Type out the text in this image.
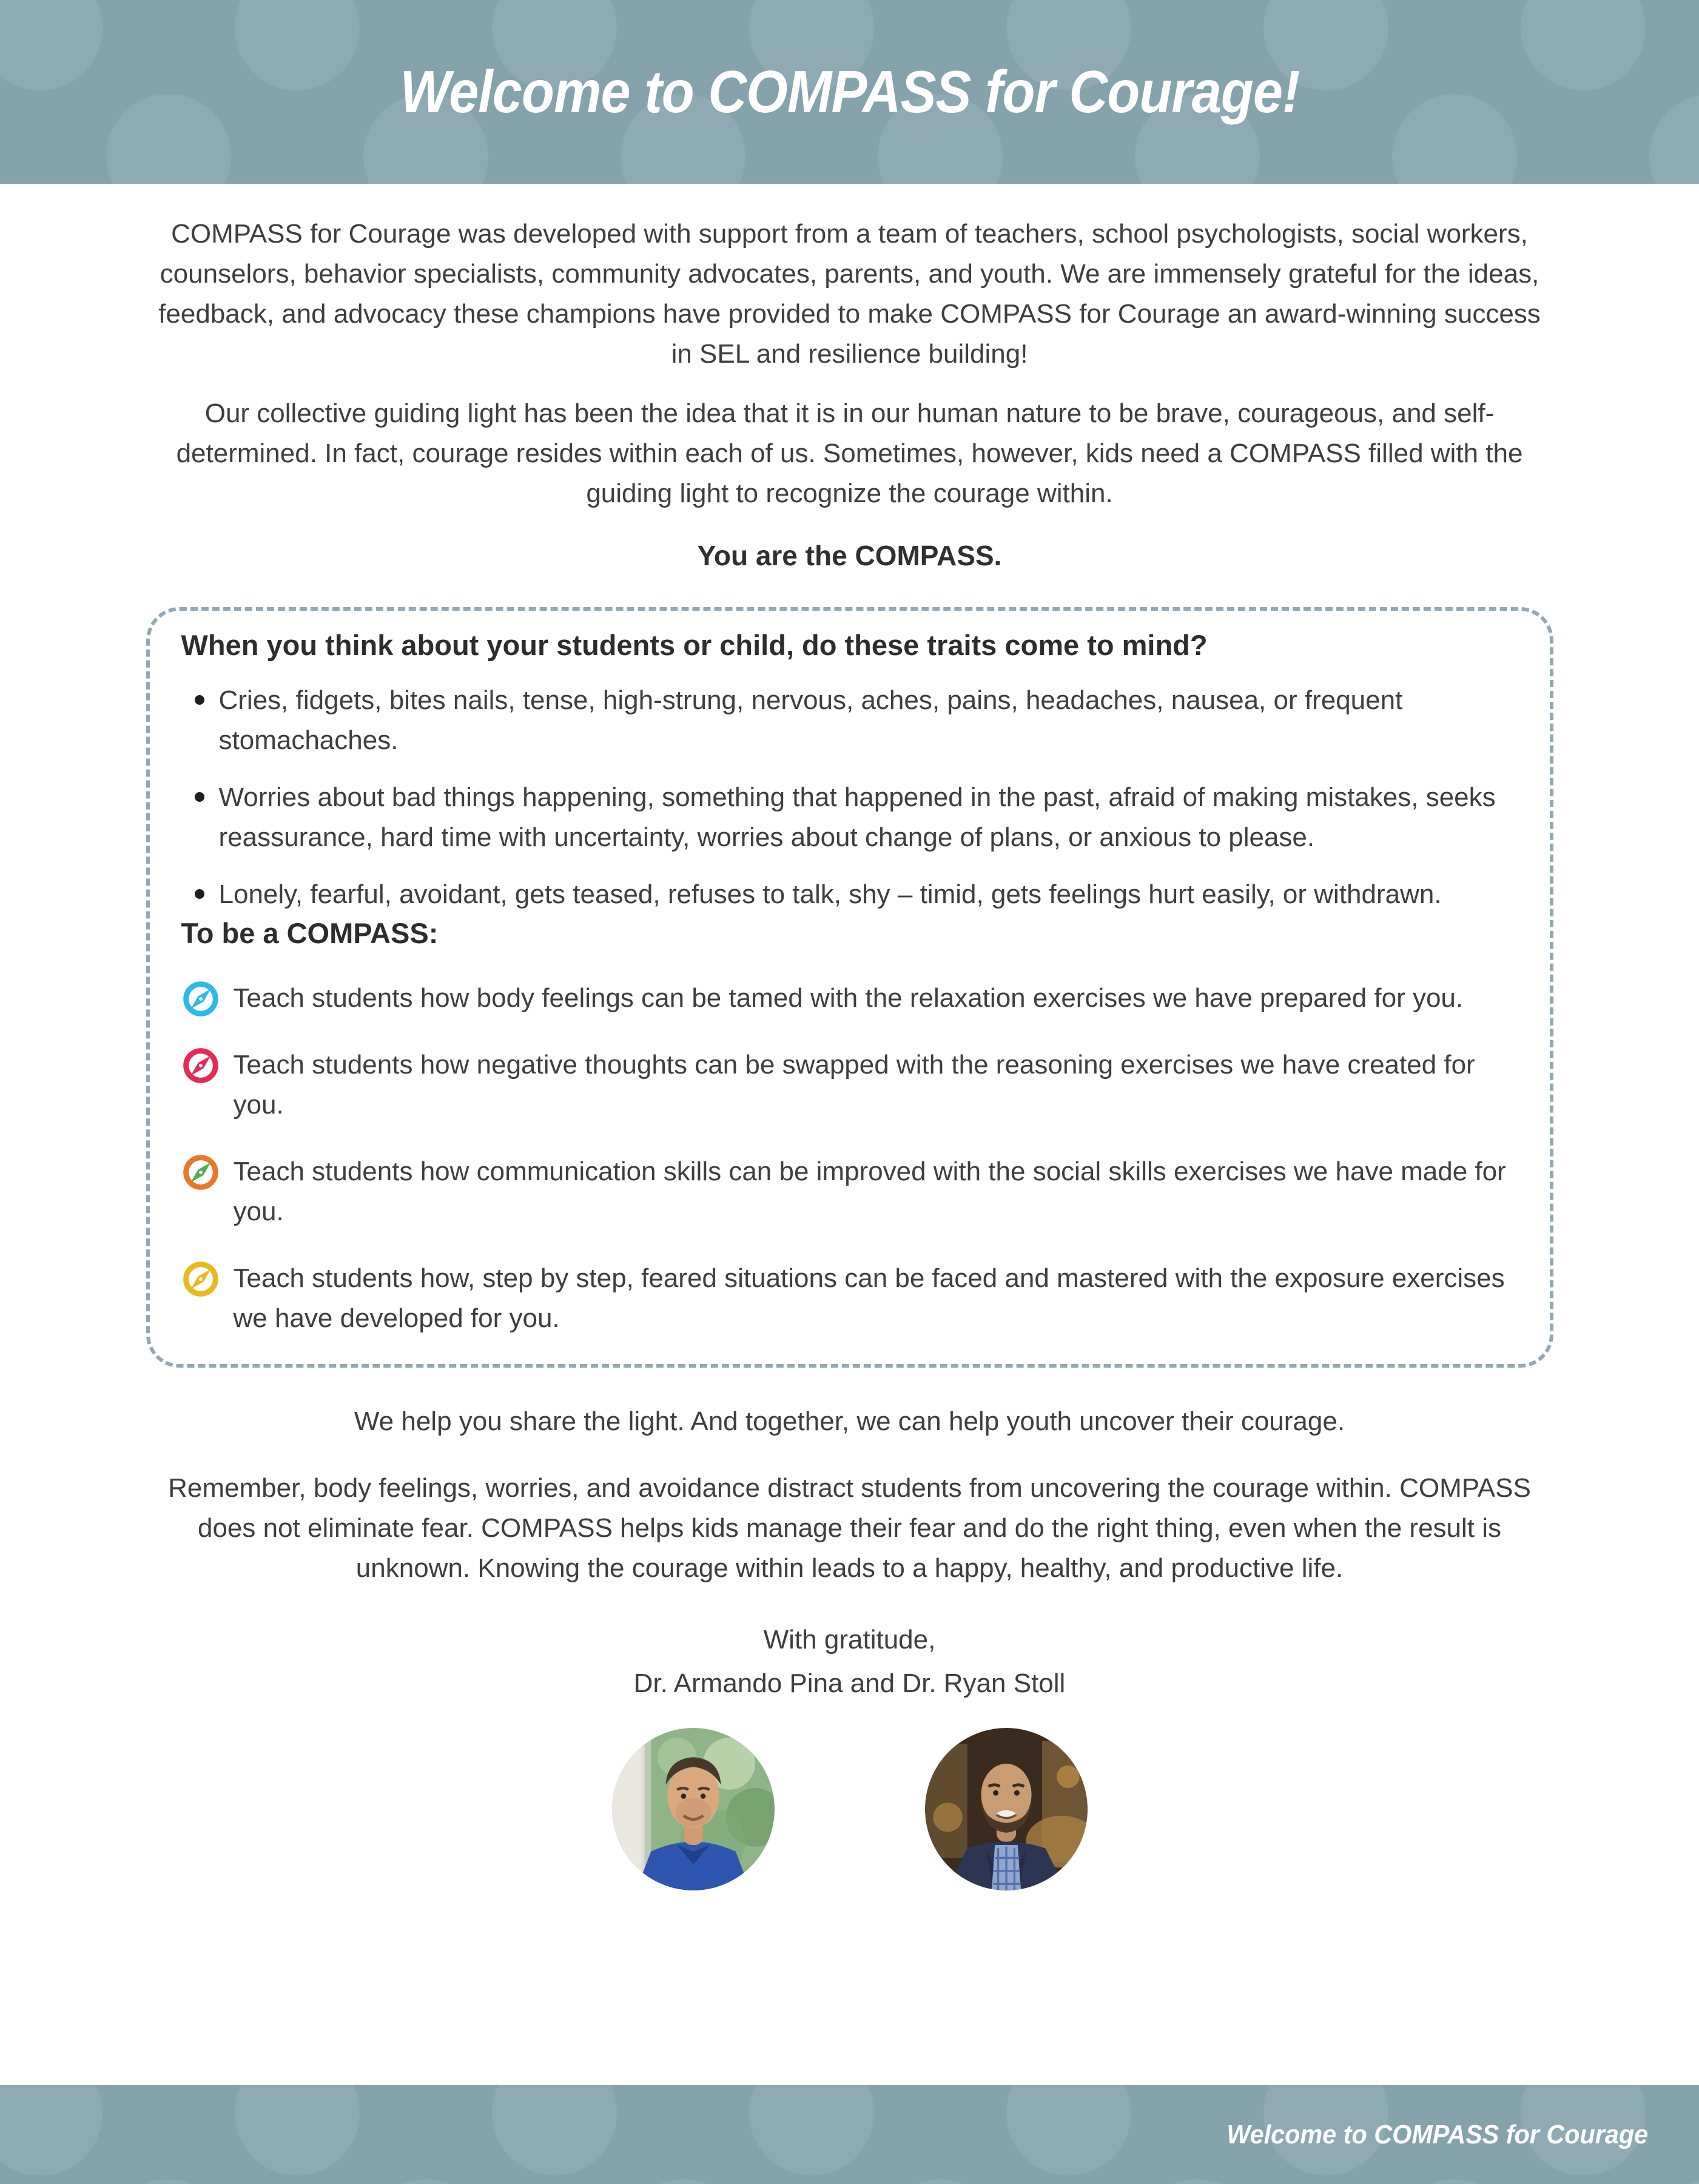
Welcome to COMPASS for Courage!

COMPASS for Courage was developed with support from a team of teachers, school psychologists, social workers, counselors, behavior specialists, community advocates, parents, and youth. We are immensely grateful for the ideas, feedback, and advocacy these champions have provided to make COMPASS for Courage an award-winning success in SEL and resilience building!

Our collective guiding light has been the idea that it is in our human nature to be brave, courageous, and self-determined. In fact, courage resides within each of us. Sometimes, however, kids need a COMPASS filled with the guiding light to recognize the courage within.

You are the COMPASS.

When you think about your students or child, do these traits come to mind?
Cries, fidgets, bites nails, tense, high-strung, nervous, aches, pains, headaches, nausea, or frequent stomachaches.
Worries about bad things happening, something that happened in the past, afraid of making mistakes, seeks reassurance, hard time with uncertainty, worries about change of plans, or anxious to please.
Lonely, fearful, avoidant, gets teased, refuses to talk, shy – timid, gets feelings hurt easily, or withdrawn.
To be a COMPASS:
Teach students how body feelings can be tamed with the relaxation exercises we have prepared for you.
Teach students how negative thoughts can be swapped with the reasoning exercises we have created for you.
Teach students how communication skills can be improved with the social skills exercises we have made for you.
Teach students how, step by step, feared situations can be faced and mastered with the exposure exercises we have developed for you.

We help you share the light. And together, we can help youth uncover their courage.

Remember, body feelings, worries, and avoidance distract students from uncovering the courage within. COMPASS does not eliminate fear. COMPASS helps kids manage their fear and do the right thing, even when the result is unknown. Knowing the courage within leads to a happy, healthy, and productive life.

With gratitude,

Dr. Armando Pina and Dr. Ryan Stoll

Welcome to COMPASS for Courage
